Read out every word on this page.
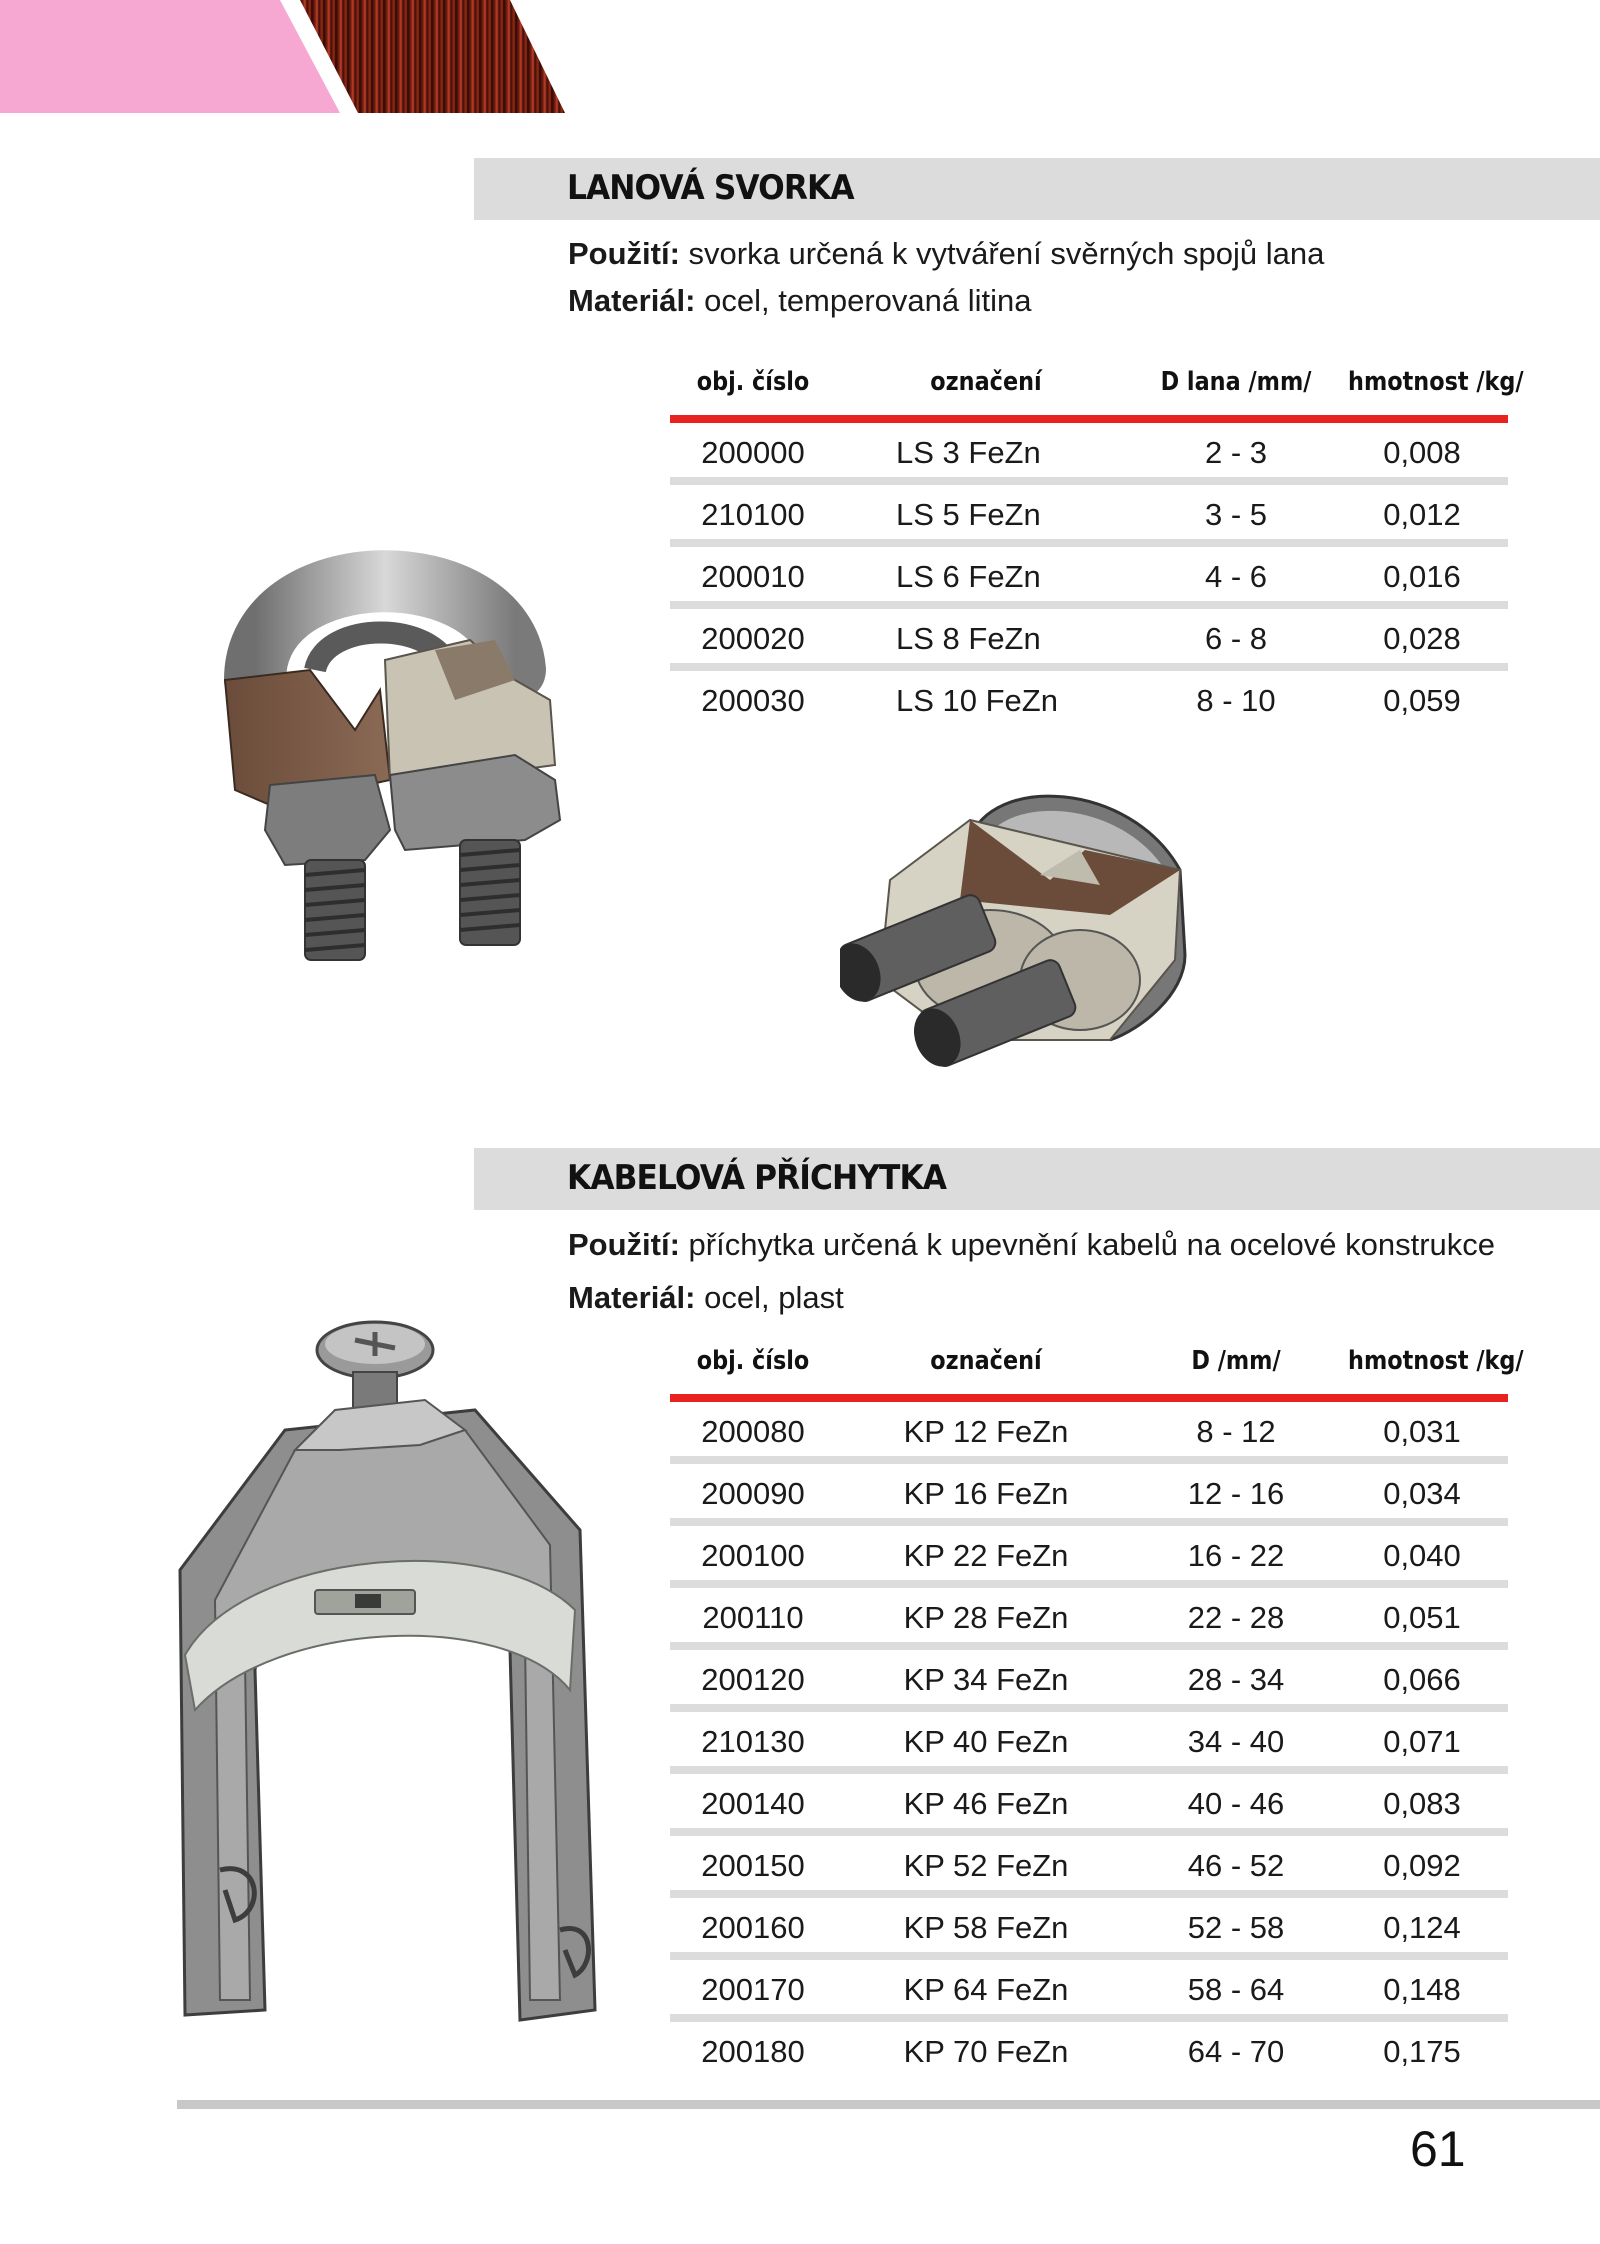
LANOVÁ SVORKA
Použití: svorka určená k vytváření svěrných spojů lana
Materiál: ocel, temperovaná litina
obj. číslo	označení	D lana /mm/	hmotnost /kg/
200000	LS 3 FeZn	2 - 3	0,008
210100	LS 5 FeZn	3 - 5	0,012
200010	LS 6 FeZn	4 - 6	0,016
200020	LS 8 FeZn	6 - 8	0,028
200030	LS 10 FeZn	8 - 10	0,059
KABELOVÁ PŘÍCHYTKA
Použití: příchytka určená k upevnění kabelů na ocelové konstrukce
Materiál: ocel, plast
obj. číslo	označení	D /mm/	hmotnost /kg/
200080	KP 12 FeZn	8 - 12	0,031
200090	KP 16 FeZn	12 - 16	0,034
200100	KP 22 FeZn	16 - 22	0,040
200110	KP 28 FeZn	22 - 28	0,051
200120	KP 34 FeZn	28 - 34	0,066
210130	KP 40 FeZn	34 - 40	0,071
200140	KP 46 FeZn	40 - 46	0,083
200150	KP 52 FeZn	46 - 52	0,092
200160	KP 58 FeZn	52 - 58	0,124
200170	KP 64 FeZn	58 - 64	0,148
200180	KP 70 FeZn	64 - 70	0,175
61
